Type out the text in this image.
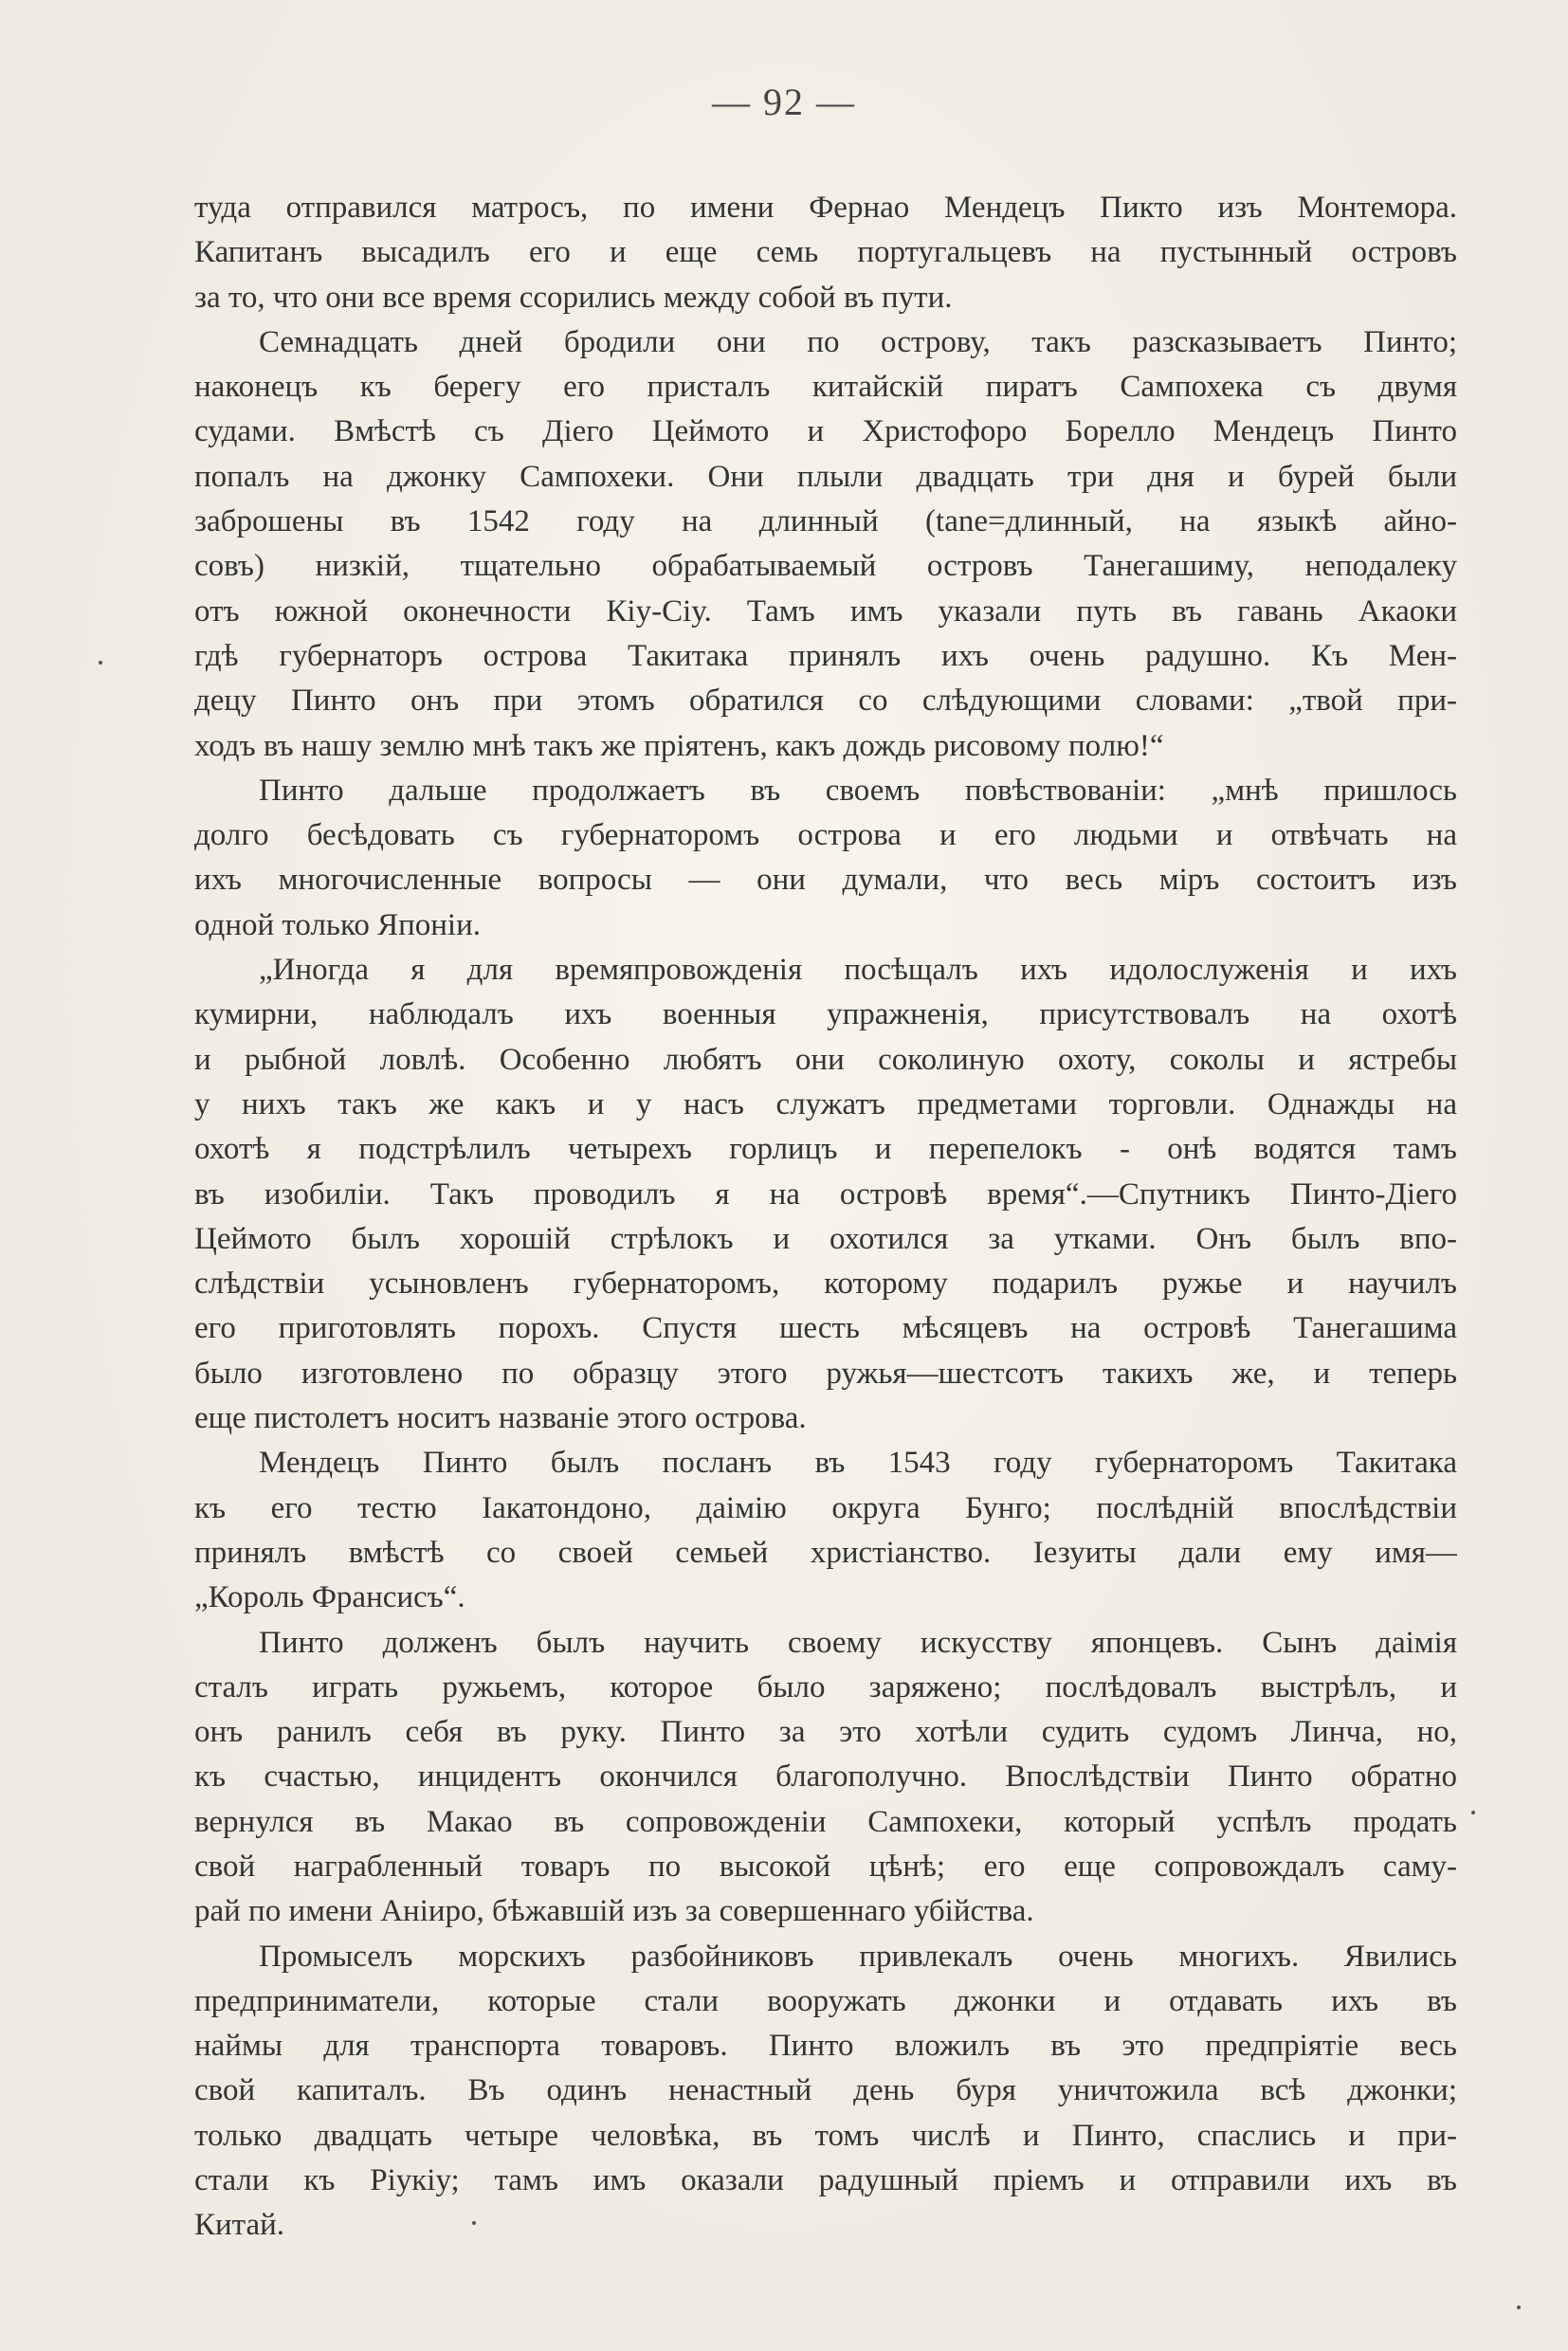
— 92 —
туда отправился матросъ, по имени Фернао Мендецъ Пикто изъ Монтемора.
Капитанъ высадилъ его и еще семь португальцевъ на пустынный островъ
за то, что они все время ссорились между собой въ пути.
Семнадцать дней бродили они по острову, такъ разсказываетъ Пинто;
наконецъ къ берегу его присталъ китайскій пиратъ Сампохека съ двумя
судами. Вмѣстѣ съ Діего Цеймото и Христофоро Борелло Мендецъ Пинто
попалъ на джонку Сампохеки. Они плыли двадцать три дня и бурей были
заброшены въ 1542 году на длинный (tane=длинный, на языкѣ айно-
совъ) низкій, тщательно обрабатываемый островъ Танегашиму, неподалеку
отъ южной оконечности Кіу-Сіу. Тамъ имъ указали путь въ гавань Акаоки
гдѣ губернаторъ острова Такитака принялъ ихъ очень радушно. Къ Мен-
децу Пинто онъ при этомъ обратился со слѣдующими словами: „твой при-
ходъ въ нашу землю мнѣ такъ же пріятенъ, какъ дождь рисовому полю!“
Пинто дальше продолжаетъ въ своемъ повѣствованіи: „мнѣ пришлось
долго бесѣдовать съ губернаторомъ острова и его людьми и отвѣчать на
ихъ многочисленные вопросы — они думали, что весь міръ состоитъ изъ
одной только Японіи.
„Иногда я для времяпровожденія посѣщалъ ихъ идолослуженія и ихъ
кумирни, наблюдалъ ихъ военныя упражненія, присутствовалъ на охотѣ
и рыбной ловлѣ. Особенно любятъ они соколиную охоту, соколы и ястребы
у нихъ такъ же какъ и у насъ служатъ предметами торговли. Однажды на
охотѣ я подстрѣлилъ четырехъ горлицъ и перепелокъ - онѣ водятся тамъ
въ изобиліи. Такъ проводилъ я на островѣ время“.—Спутникъ Пинто-Діего
Цеймото былъ хорошій стрѣлокъ и охотился за утками. Онъ былъ впо-
слѣдствіи усыновленъ губернаторомъ, которому подарилъ ружье и научилъ
его приготовлять порохъ. Спустя шесть мѣсяцевъ на островѣ Танегашима
было изготовлено по образцу этого ружья—шестсотъ такихъ же, и теперь
еще пистолетъ носитъ названіе этого острова.
Мендецъ Пинто былъ посланъ въ 1543 году губернаторомъ Такитака
къ его тестю Іакатондоно, даімію округа Бунго; послѣдній впослѣдствіи
принялъ вмѣстѣ со своей семьей христіанство. Іезуиты дали ему имя—
„Король Франсисъ“.
Пинто долженъ былъ научить своему искусству японцевъ. Сынъ даімія
сталъ играть ружьемъ, которое было заряжено; послѣдовалъ выстрѣлъ, и
онъ ранилъ себя въ руку. Пинто за это хотѣли судить судомъ Линча, но,
къ счастью, инцидентъ окончился благополучно. Впослѣдствіи Пинто обратно
вернулся въ Макао въ сопровожденіи Сампохеки, который успѣлъ продать
свой награбленный товаръ по высокой цѣнѣ; его еще сопровождалъ саму-
рай по имени Аніиро, бѣжавшій изъ за совершеннаго убійства.
Промыселъ морскихъ разбойниковъ привлекалъ очень многихъ. Явились
предприниматели, которые стали вооружать джонки и отдавать ихъ въ
наймы для транспорта товаровъ. Пинто вложилъ въ это предпріятіе весь
свой капиталъ. Въ одинъ ненастный день буря уничтожила всѣ джонки;
только двадцать четыре человѣка, въ томъ числѣ и Пинто, спаслись и при-
стали къ Ріукіу; тамъ имъ оказали радушный пріемъ и отправили ихъ въ
Китай.
